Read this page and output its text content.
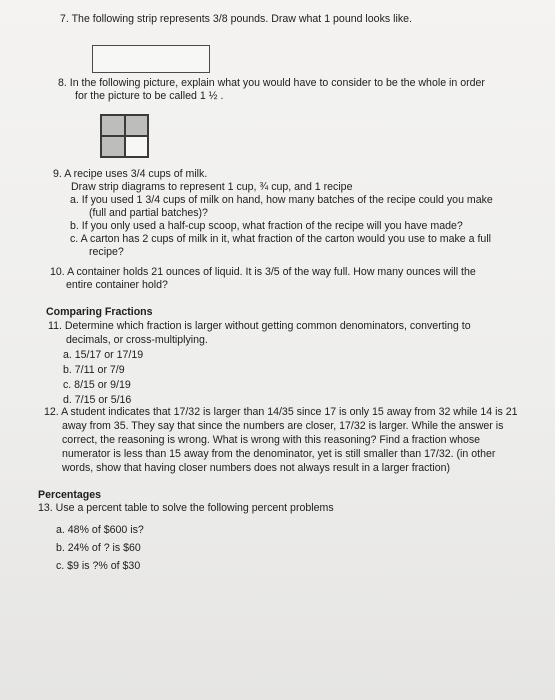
7. The following strip represents 3/8 pounds. Draw what 1 pound looks like.
8. In the following picture, explain what you would have to consider to be the whole in order
for the picture to be called 1 ½ .
9. A recipe uses 3/4 cups of milk.
Draw strip diagrams to represent 1 cup, ¾ cup, and 1 recipe
a. If you used 1 3/4 cups of milk on hand, how many batches of the recipe could you make
(full and partial batches)?
b. If you only used a half-cup scoop, what fraction of the recipe will you have made?
c. A carton has 2 cups of milk in it, what fraction of the carton would you use to make a full
recipe?
10. A container holds 21 ounces of liquid. It is 3/5 of the way full. How many ounces will the
entire container hold?
Comparing Fractions
11. Determine which fraction is larger without getting common denominators, converting to
decimals, or cross-multiplying.
a. 15/17 or 17/19
b. 7/11 or 7/9
c. 8/15 or 9/19
d. 7/15 or 5/16
12. A student indicates that 17/32 is larger than 14/35 since 17 is only 15 away from 32 while 14 is 21
away from 35. They say that since the numbers are closer, 17/32 is larger. While the answer is
correct, the reasoning is wrong. What is wrong with this reasoning? Find a fraction whose
numerator is less than 15 away from the denominator, yet is still smaller than 17/32. (in other
words, show that having closer numbers does not always result in a larger fraction)
Percentages
13. Use a percent table to solve the following percent problems
a. 48% of $600 is?
b. 24% of ? is $60
c. $9 is ?% of $30
